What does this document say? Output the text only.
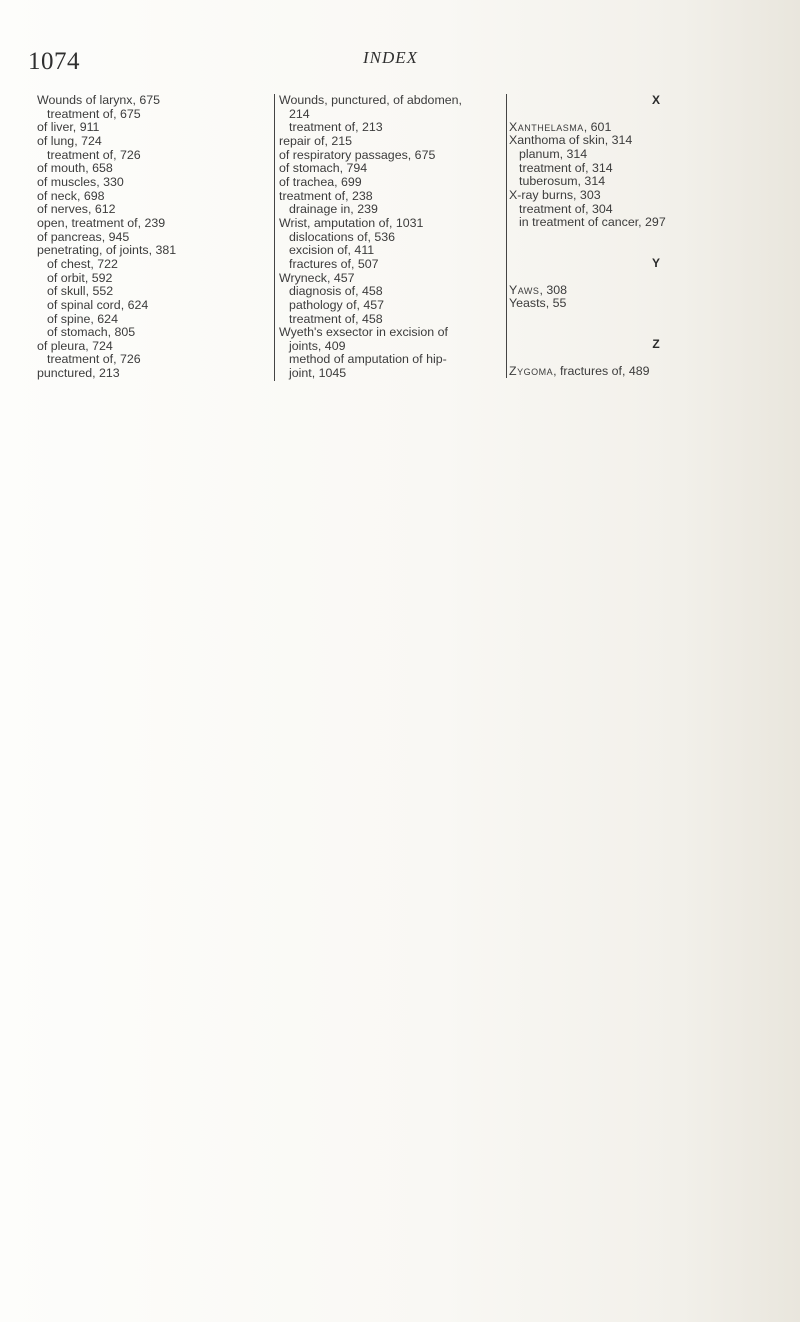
1074	INDEX
Wounds of larynx, 675
treatment of, 675
of liver, 911
of lung, 724
treatment of, 726
of mouth, 658
of muscles, 330
of neck, 698
of nerves, 612
open, treatment of, 239
of pancreas, 945
penetrating, of joints, 381
of chest, 722
of orbit, 592
of skull, 552
of spinal cord, 624
of spine, 624
of stomach, 805
of pleura, 724
treatment of, 726
punctured, 213
Wounds, punctured, of abdomen,
214
treatment of, 213
repair of, 215
of respiratory passages, 675
of stomach, 794
of trachea, 699
treatment of, 238
drainage in, 239
Wrist, amputation of, 1031
dislocations of, 536
excision of, 411
fractures of, 507
Wryneck, 457
diagnosis of, 458
pathology of, 457
treatment of, 458
Wyeth's exsector in excision of
joints, 409
method of amputation of hip-
joint, 1045
X
Xanthelasma, 601
Xanthoma of skin, 314
planum, 314
treatment of, 314
tuberosum, 314
X-ray burns, 303
treatment of, 304
in treatment of cancer, 297
Y
Yaws, 308
Yeasts, 55
Z
Zygoma, fractures of, 489
